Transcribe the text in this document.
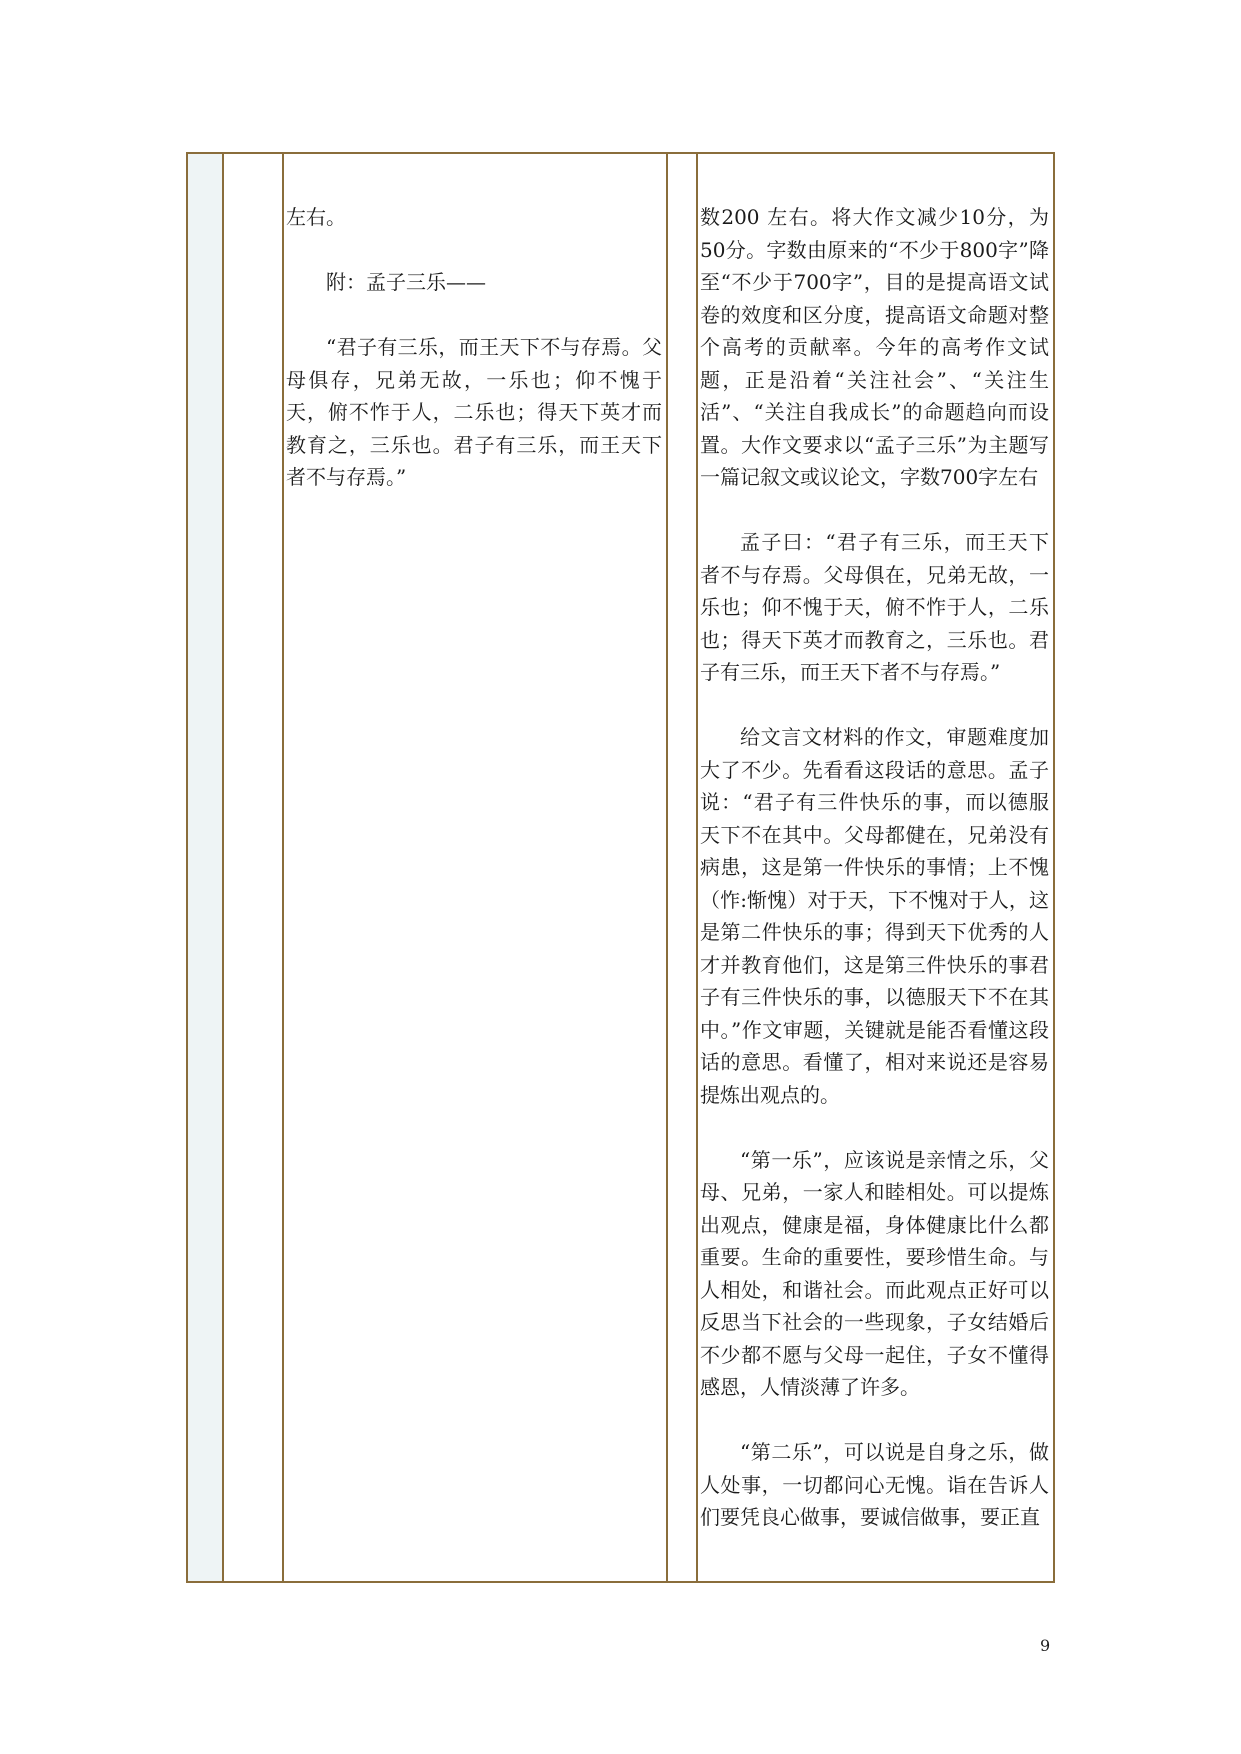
左右。

附：孟子三乐——

“君子有三乐，而王天下不与存焉。父母俱存，兄弟无故，一乐也；仰不愧于天，俯不怍于人，二乐也；得天下英才而教育之，三乐也。君子有三乐，而王天下者不与存焉。”

数200 左右。将大作文减少10分，为50分。字数由原来的“不少于800字”降至“不少于700字”，目的是提高语文试卷的效度和区分度，提高语文命题对整个高考的贡献率。今年的高考作文试题，正是沿着“关注社会”、“关注生活”、“关注自我成长”的命题趋向而设置。大作文要求以“孟子三乐”为主题写一篇记叙文或议论文，字数700字左右

孟子曰：“君子有三乐，而王天下者不与存焉。父母俱在，兄弟无故，一乐也；仰不愧于天，俯不怍于人，二乐也；得天下英才而教育之，三乐也。君子有三乐，而王天下者不与存焉。”

给文言文材料的作文，审题难度加大了不少。先看看这段话的意思。孟子说：“君子有三件快乐的事，而以德服天下不在其中。父母都健在，兄弟没有病患，这是第一件快乐的事情；上不愧（怍:惭愧）对于天，下不愧对于人，这是第二件快乐的事；得到天下优秀的人才并教育他们，这是第三件快乐的事君子有三件快乐的事，以德服天下不在其中。”作文审题，关键就是能否看懂这段话的意思。看懂了，相对来说还是容易提炼出观点的。

“第一乐”，应该说是亲情之乐，父母、兄弟，一家人和睦相处。可以提炼出观点，健康是福，身体健康比什么都重要。生命的重要性，要珍惜生命。与人相处，和谐社会。而此观点正好可以反思当下社会的一些现象，子女结婚后不少都不愿与父母一起住，子女不懂得感恩，人情淡薄了许多。

“第二乐”，可以说是自身之乐，做人处事，一切都问心无愧。诣在告诉人们要凭良心做事，要诚信做事，要正直

9
